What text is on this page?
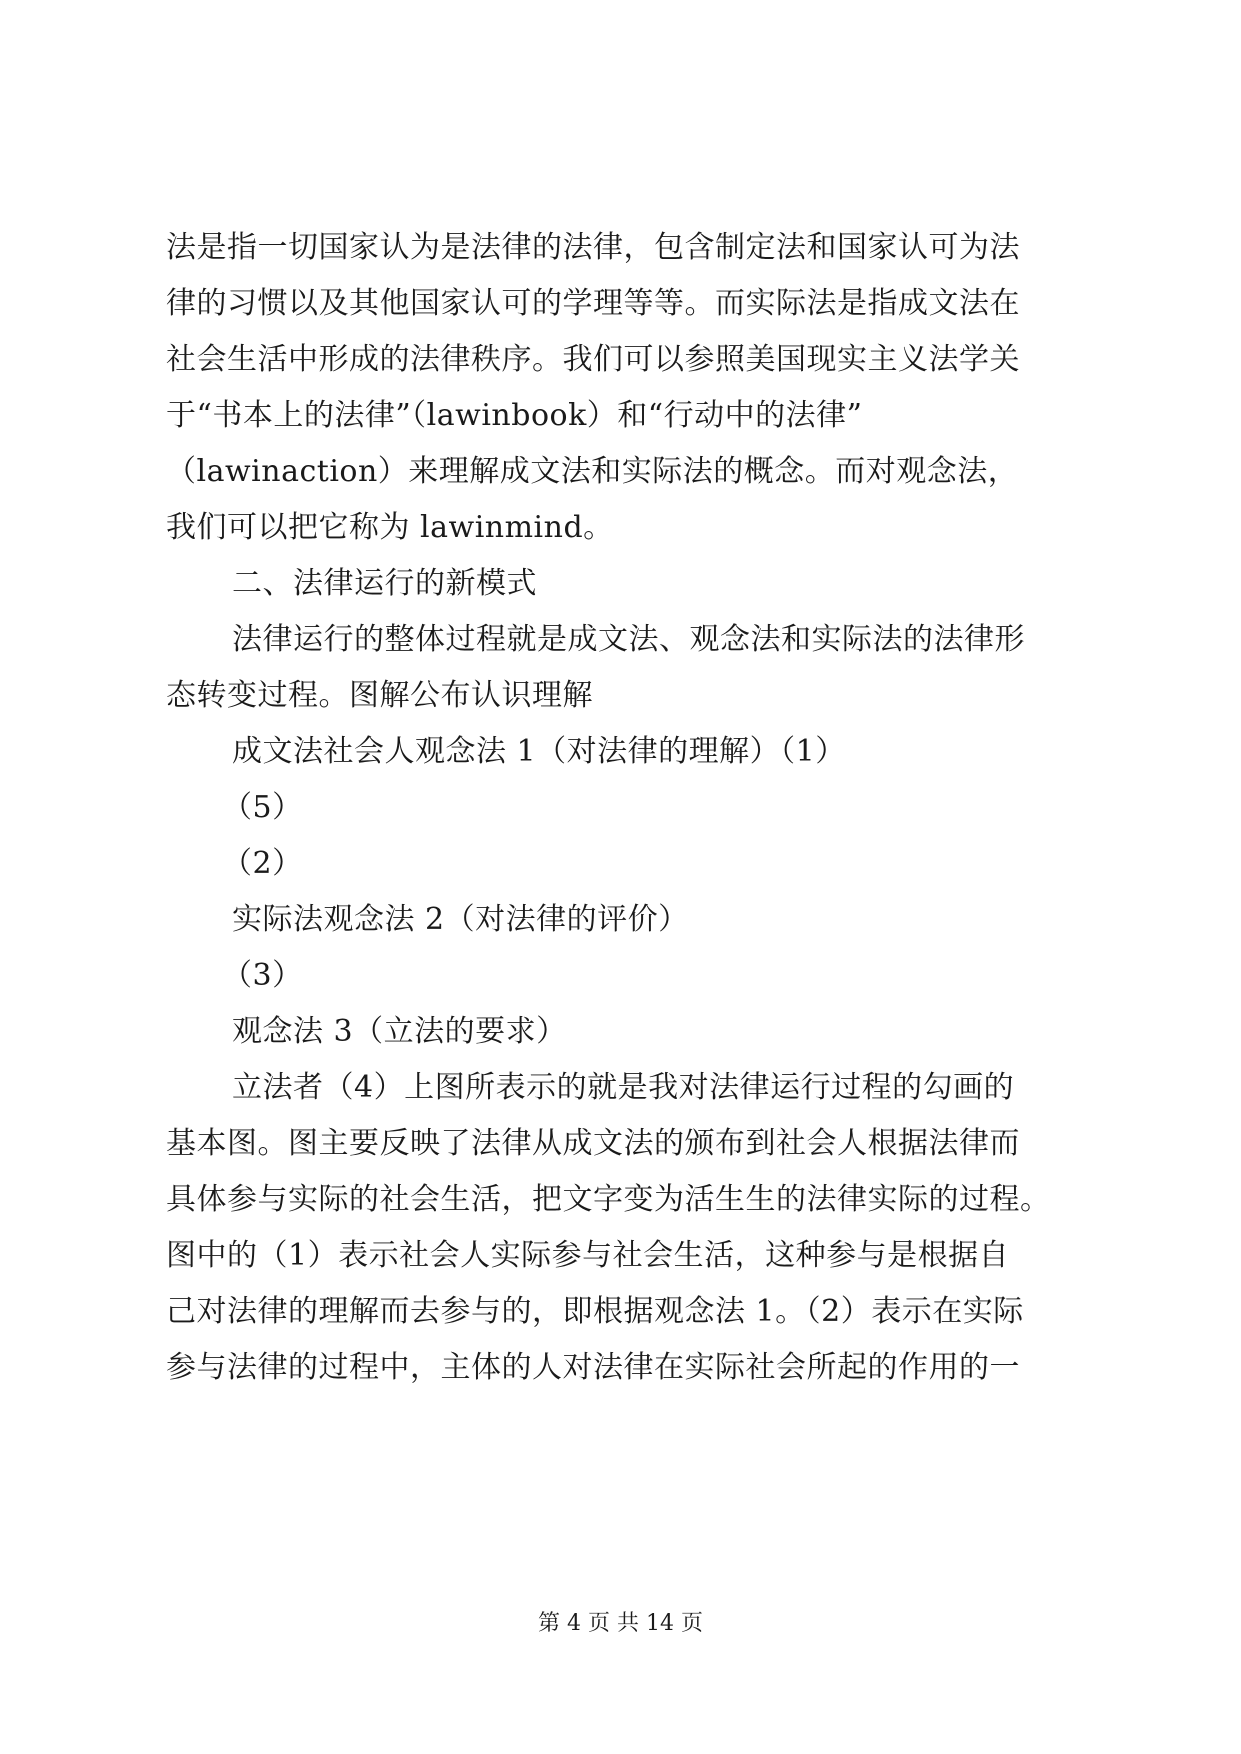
法是指一切国家认为是法律的法律，包含制定法和国家认可为法
律的习惯以及其他国家认可的学理等等。而实际法是指成文法在
社会生活中形成的法律秩序。我们可以参照美国现实主义法学关
于“书本上的法律”（lawinbook）和“行动中的法律”
（lawinaction）来理解成文法和实际法的概念。而对观念法，
我们可以把它称为 lawinmind。
二、法律运行的新模式
法律运行的整体过程就是成文法、观念法和实际法的法律形
态转变过程。图解公布认识理解
成文法社会人观念法 1（对法律的理解）（1）
（5）
（2）
实际法观念法 2（对法律的评价）
（3）
观念法 3（立法的要求）
立法者（4）上图所表示的就是我对法律运行过程的勾画的
基本图。图主要反映了法律从成文法的颁布到社会人根据法律而
具体参与实际的社会生活，把文字变为活生生的法律实际的过程。
图中的（1）表示社会人实际参与社会生活，这种参与是根据自
己对法律的理解而去参与的，即根据观念法 1。（2）表示在实际
参与法律的过程中，主体的人对法律在实际社会所起的作用的一
第 4 页 共 14 页
